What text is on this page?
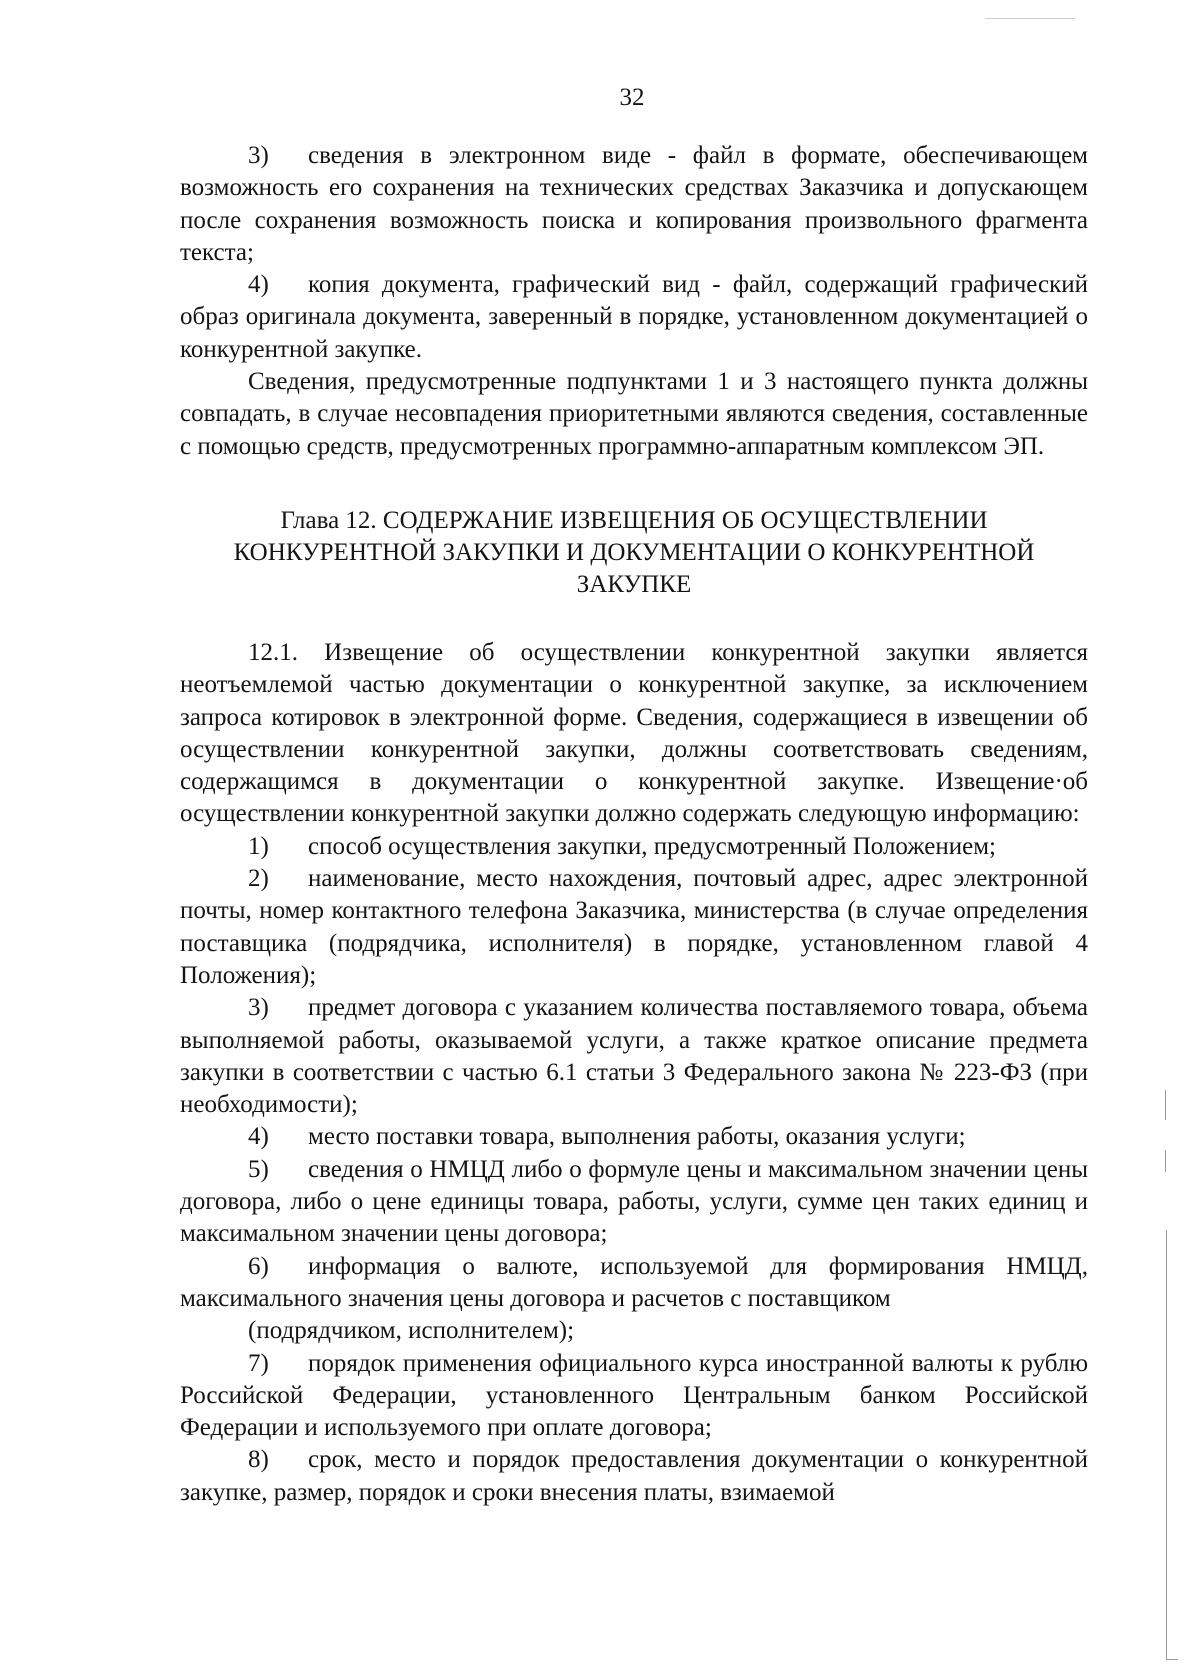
32

3) сведения в электронном виде - файл в формате, обеспечивающем возможность его сохранения на технических средствах Заказчика и допускающем после сохранения возможность поиска и копирования произвольного фрагмента текста;

4) копия документа, графический вид - файл, содержащий графический образ оригинала документа, заверенный в порядке, установленном документацией о конкурентной закупке.

Сведения, предусмотренные подпунктами 1 и 3 настоящего пункта должны совпадать, в случае несовпадения приоритетными являются сведения, составленные с помощью средств, предусмотренных программно-аппаратным комплексом ЭП.

Глава 12. СОДЕРЖАНИЕ ИЗВЕЩЕНИЯ ОБ ОСУЩЕСТВЛЕНИИ
КОНКУРЕНТНОЙ ЗАКУПКИ И ДОКУМЕНТАЦИИ О КОНКУРЕНТНОЙ
ЗАКУПКЕ

12.1. Извещение об осуществлении конкурентной закупки является неотъемлемой частью документации о конкурентной закупке, за исключением запроса котировок в электронной форме. Сведения, содержащиеся в извещении об осуществлении конкурентной закупки, должны соответствовать сведениям, содержащимся в документации о конкурентной закупке. Извещение·об осуществлении конкурентной закупки должно содержать следующую информацию:

1) способ осуществления закупки, предусмотренный Положением;

2) наименование, место нахождения, почтовый адрес, адрес электронной почты, номер контактного телефона Заказчика, министерства (в случае определения поставщика (подрядчика, исполнителя) в порядке, установленном главой 4 Положения);

3) предмет договора с указанием количества поставляемого товара, объема выполняемой работы, оказываемой услуги, а также краткое описание предмета закупки в соответствии с частью 6.1 статьи 3 Федерального закона № 223-ФЗ (при необходимости);

4) место поставки товара, выполнения работы, оказания услуги;

5) сведения о НМЦД либо о формуле цены и максимальном значении цены договора, либо о цене единицы товара, работы, услуги, сумме цен таких единиц и максимальном значении цены договора;

6) информация о валюте, используемой для формирования НМЦД, максимального значения цены договора и расчетов с поставщиком

(подрядчиком, исполнителем);

7) порядок применения официального курса иностранной валюты к рублю Российской Федерации, установленного Центральным банком Российской Федерации и используемого при оплате договора;

8) срок, место и порядок предоставления документации о конкурентной закупке, размер, порядок и сроки внесения платы, взимаемой
